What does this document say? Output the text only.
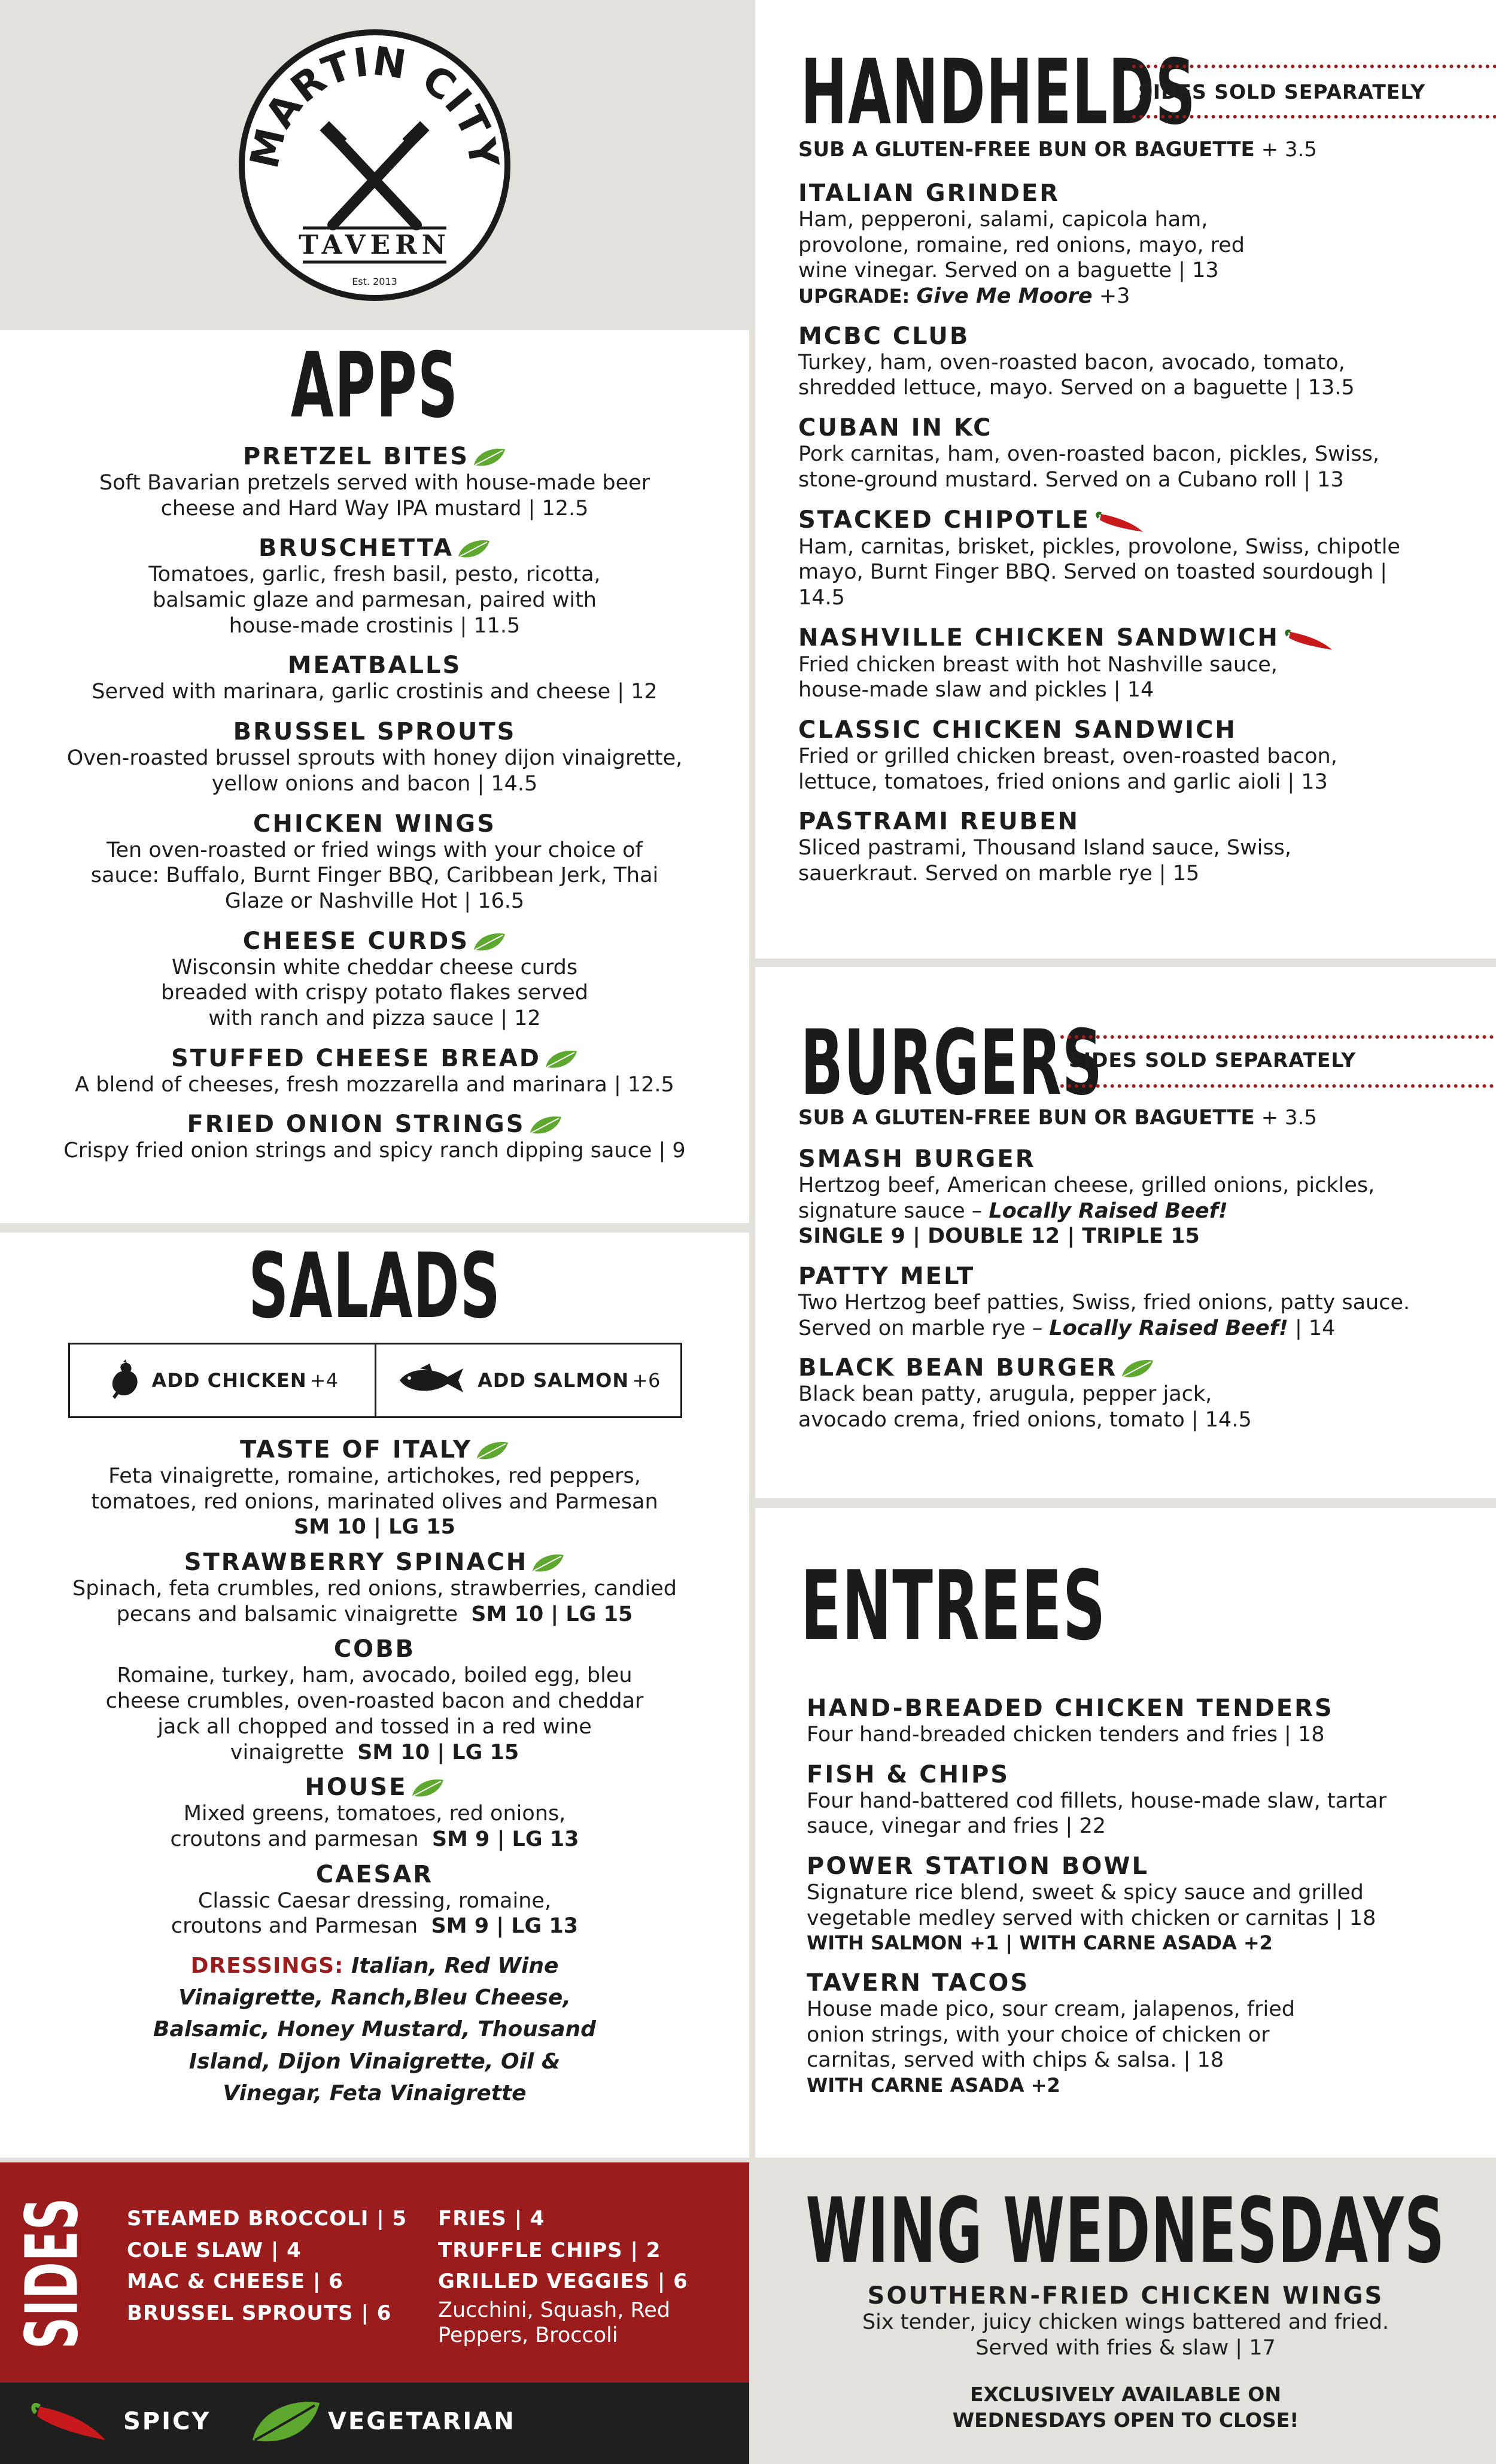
MARTIN CITY
TAVERN
Est. 2013
APPS
PRETZEL BITES
Soft Bavarian pretzels served with house-made beer cheese and Hard Way IPA mustard | 12.5
BRUSCHETTA
Tomatoes, garlic, fresh basil, pesto, ricotta, balsamic glaze and parmesan, paired with house-made crostinis | 11.5
MEATBALLS
Served with marinara, garlic crostinis and cheese | 12
BRUSSEL SPROUTS
Oven-roasted brussel sprouts with honey dijon vinaigrette, yellow onions and bacon | 14.5
CHICKEN WINGS
Ten oven-roasted or fried wings with your choice of sauce: Buffalo, Burnt Finger BBQ, Caribbean Jerk, Thai Glaze or Nashville Hot | 16.5
CHEESE CURDS
Wisconsin white cheddar cheese curds breaded with crispy potato flakes served with ranch and pizza sauce | 12
STUFFED CHEESE BREAD
A blend of cheeses, fresh mozzarella and marinara | 12.5
FRIED ONION STRINGS
Crispy fried onion strings and spicy ranch dipping sauce | 9
SALADS
ADD CHICKEN
+4	ADD SALMON
+6
TASTE OF ITALY
Feta vinaigrette, romaine, artichokes, red peppers, tomatoes, red onions, marinated olives and Parmesan
SM 10 | LG 15
STRAWBERRY SPINACH
Spinach, feta crumbles, red onions, strawberries, candied pecans and balsamic vinaigrette SM 10 | LG 15
COBB
Romaine, turkey, ham, avocado, boiled egg, bleu cheese crumbles, oven-roasted bacon and cheddar jack all chopped and tossed in a red wine vinaigrette SM 10 | LG 15
HOUSE
Mixed greens, tomatoes, red onions, croutons and parmesan SM 9 | LG 13
CAESAR
Classic Caesar dressing, romaine, croutons and Parmesan SM 9 | LG 13
DRESSINGS: Italian, Red Wine Vinaigrette, Ranch,Bleu Cheese, Balsamic, Honey Mustard, Thousand Island, Dijon Vinaigrette, Oil & Vinegar, Feta Vinaigrette
HANDHELDS
SIDES SOLD SEPARATELY
SUB A GLUTEN-FREE BUN OR BAGUETTE + 3.5
ITALIAN GRINDER
Ham, pepperoni, salami, capicola ham, provolone, romaine, red onions, mayo, red wine vinegar. Served on a baguette | 13
UPGRADE: Give Me Moore +3
MCBC CLUB
Turkey, ham, oven-roasted bacon, avocado, tomato, shredded lettuce, mayo. Served on a baguette | 13.5
CUBAN IN KC
Pork carnitas, ham, oven-roasted bacon, pickles, Swiss, stone-ground mustard. Served on a Cubano roll | 13
STACKED CHIPOTLE
Ham, carnitas, brisket, pickles, provolone, Swiss, chipotle mayo, Burnt Finger BBQ. Served on toasted sourdough | 14.5
NASHVILLE CHICKEN SANDWICH
Fried chicken breast with hot Nashville sauce, house-made slaw and pickles | 14
CLASSIC CHICKEN SANDWICH
Fried or grilled chicken breast, oven-roasted bacon, lettuce, tomatoes, fried onions and garlic aioli | 13
PASTRAMI REUBEN
Sliced pastrami, Thousand Island sauce, Swiss, sauerkraut. Served on marble rye | 15
BURGERS
SIDES SOLD SEPARATELY
SUB A GLUTEN-FREE BUN OR BAGUETTE + 3.5
SMASH BURGER
Hertzog beef, American cheese, grilled onions, pickles, signature sauce – Locally Raised Beef!
SINGLE 9 | DOUBLE 12 | TRIPLE 15
PATTY MELT
Two Hertzog beef patties, Swiss, fried onions, patty sauce. Served on marble rye – Locally Raised Beef! | 14
BLACK BEAN BURGER
Black bean patty, arugula, pepper jack, avocado crema, fried onions, tomato | 14.5
ENTREES
HAND-BREADED CHICKEN TENDERS
Four hand-breaded chicken tenders and fries | 18
FISH & CHIPS
Four hand-battered cod fillets, house-made slaw, tartar sauce, vinegar and fries | 22
POWER STATION BOWL
Signature rice blend, sweet & spicy sauce and grilled vegetable medley served with chicken or carnitas | 18
WITH SALMON +1 | WITH CARNE ASADA +2
TAVERN TACOS
House made pico, sour cream, jalapenos, fried onion strings, with your choice of chicken or carnitas, served with chips & salsa. | 18
WITH CARNE ASADA +2
SIDES STEAMED BROCCOLI | 5
COLE SLAW | 4
MAC & CHEESE | 6
BRUSSEL SPROUTS | 6
FRIES | 4
TRUFFLE CHIPS | 2
GRILLED VEGGIES | 6
Zucchini, Squash, Red Peppers, Broccoli
SPICY	VEGETARIAN
WING WEDNESDAYS
SOUTHERN-FRIED CHICKEN WINGS
Six tender, juicy chicken wings battered and fried. Served with fries & slaw | 17
EXCLUSIVELY AVAILABLE ON WEDNESDAYS OPEN TO CLOSE!
